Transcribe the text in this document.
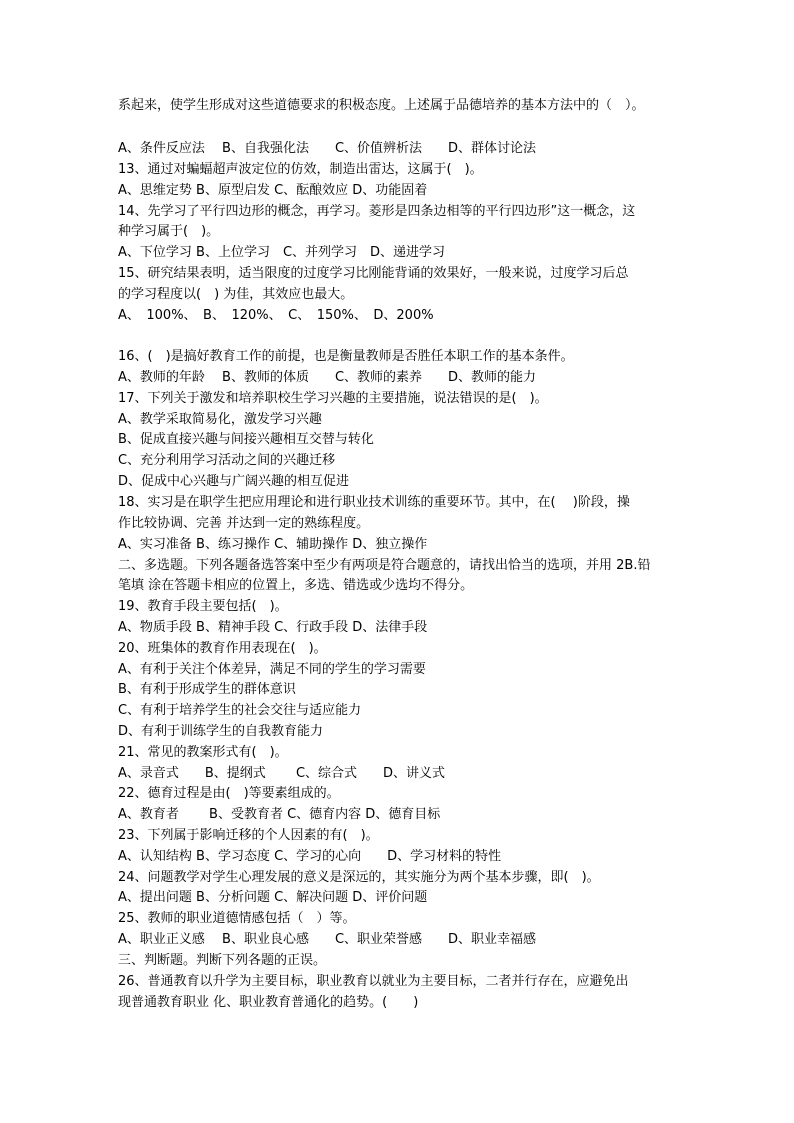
系起来，使学生形成对这些道德要求的积极态度。上述属于品德培养的基本方法中的（　）。
A、条件反应法　 B、自我强化法　　C、价值辨析法　　D、群体讨论法
13、通过对蝙蝠超声波定位的仿效，制造出雷达，这属于(　)。
A、思维定势 B、原型启发 C、酝酿效应 D、功能固着
14、先学习了平行四边形的概念，再学习。菱形是四条边相等的平行四边形”这一概念，这
种学习属于(　)。
A、下位学习 B、上位学习　C、并列学习　D、递进学习
15、研究结果表明，适当限度的过度学习比刚能背诵的效果好，一般来说，过度学习后总
的学习程度以(　) 为佳，其效应也最大。
A、　100%、　B、　120%、　C、　150%、　D、200%
16、(　)是搞好教育工作的前提，也是衡量教师是否胜任本职工作的基本条件。
A、教师的年龄　 B、教师的体质　　C、教师的素养　　D、教师的能力
17、下列关于激发和培养职校生学习兴趣的主要措施，说法错误的是(　)。
A、教学采取简易化，激发学习兴趣
B、促成直接兴趣与间接兴趣相互交替与转化
C、充分利用学习活动之间的兴趣迁移
D、促成中心兴趣与广阔兴趣的相互促进
18、实习是在职学生把应用理论和进行职业技术训练的重要环节。其中，在(　 )阶段，操
作比较协调、完善 并达到一定的熟练程度。
A、实习准备 B、练习操作 C、辅助操作 D、独立操作
二、多选题。下列各题备选答案中至少有两项是符合题意的，请找出恰当的选项，并用 2B.铅
笔填 涂在答题卡相应的位置上，多选、错选或少选均不得分。
19、教育手段主要包括(　)。
A、物质手段 B、精神手段 C、行政手段 D、法律手段
20、班集体的教育作用表现在(　)。
A、有利于关注个体差异，满足不同的学生的学习需要
B、有利于形成学生的群体意识
C、有利于培养学生的社会交往与适应能力
D、有利于训练学生的自我教育能力
21、常见的教案形式有(　)。
A、录音式　　B、提纲式　　 C、综合式　　D、讲义式
22、德育过程是由(　)等要素组成的。
A、教育者　　 B、受教育者 C、德育内容 D、德育目标
23、下列属于影响迁移的个人因素的有(　)。
A、认知结构 B、学习态度 C、学习的心向　　D、学习材料的特性
24、问题教学对学生心理发展的意义是深远的，其实施分为两个基本步骤，即(　)。
A、提出问题 B、分析问题 C、解决问题 D、评价问题
25、教师的职业道德情感包括（　）等。
A、职业正义感　 B、职业良心感　　C、职业荣誉感　　D、职业幸福感
三、判断题。判断下列各题的正误。
26、普通教育以升学为主要目标，职业教育以就业为主要目标，二者并行存在，应避免出
现普通教育职业 化、职业教育普通化的趋势。(　　)
